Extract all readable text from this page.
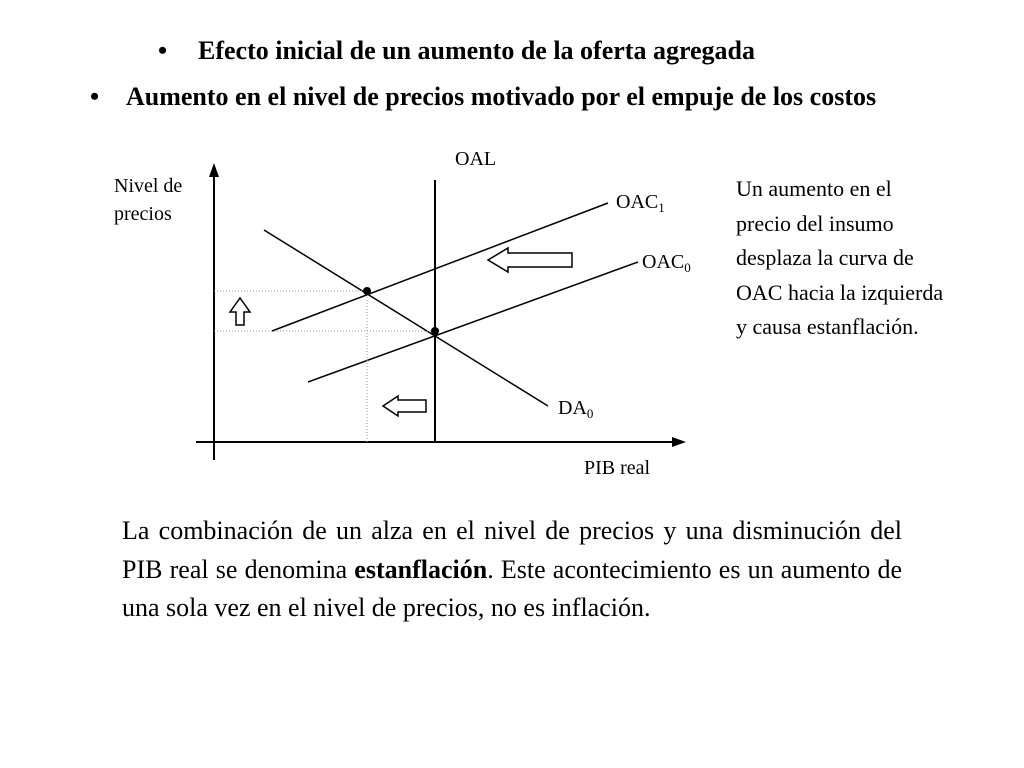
• Efecto inicial de un aumento de la oferta agregada
• Aumento en el nivel de precios motivado por el empuje de los costos
Nivel de precios
OAL
$OAC_1$
$OAC_0$
$DA_0$
PIB real
Un aumento en el precio del insumo desplaza la curva de OAC hacia la izquierda y causa estanflación.
La combinación de un alza en el nivel de precios y una disminución del PIB real se denomina estanflación. Este acontecimiento es un aumento de una sola vez en el nivel de precios, no es inflación.
